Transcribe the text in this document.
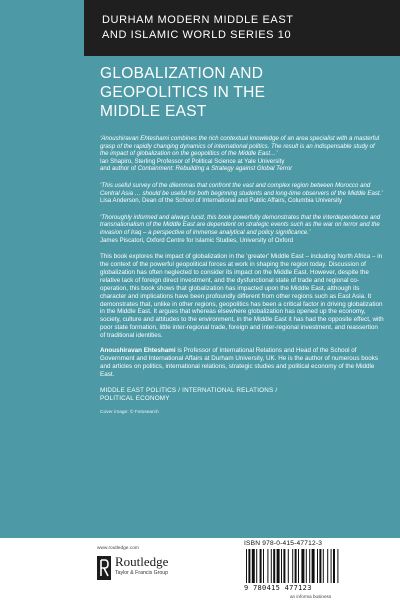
DURHAM MODERN MIDDLE EAST
AND ISLAMIC WORLD SERIES 10
GLOBALIZATION AND
GEOPOLITICS IN THE
MIDDLE EAST
‘Anoushiravan Ehteshami combines the rich contextual knowledge of an area specialist with a masterful grasp of the rapidly changing dynamics of international politics. The result is an indispensable study of the impact of globalization on the geopolitics of the Middle East…’
Ian Shapiro, Sterling Professor of Political Science at Yale University
and author of Containment: Rebuilding a Strategy against Global Terror
‘This useful survey of the dilemmas that confront the vast and complex region between Morocco and Central Asia … should be useful for both beginning students and long-time observers of the Middle East.’
Lisa Anderson, Dean of the School of International and Public Affairs, Columbia University
‘Thoroughly informed and always lucid, this book powerfully demonstrates that the interdependence and transnationalism of the Middle East are dependent on strategic events such as the war on terror and the invasion of Iraq – a perspective of immense analytical and policy significance.’
James Piscatori, Oxford Centre for Islamic Studies, University of Oxford
This book explores the impact of globalization in the ‘greater’ Middle East – including North Africa – in the context of the powerful geopolitical forces at work in shaping the region today. Discussion of globalization has often neglected to consider its impact on the Middle East. However, despite the relative lack of foreign direct investment, and the dysfunctional state of trade and regional co-operation, this book shows that globalization has impacted upon the Middle East, although its character and implications have been profoundly different from other regions such as East Asia. It demonstrates that, unlike in other regions, geopolitics has been a critical factor in driving globalization in the Middle East. It argues that whereas elsewhere globalization has opened up the economy, society, culture and attitudes to the environment, in the Middle East it has had the opposite effect, with poor state formation, little inter-regional trade, foreign and inter-regional investment, and reassertion of traditional identities.
Anoushiravan Ehteshami is Professor of International Relations and Head of the School of Government and International Affairs at Durham University, UK. He is the author of numerous books and articles on politics, international relations, strategic studies and political economy of the Middle East.
MIDDLE EAST POLITICS / INTERNATIONAL RELATIONS /
POLITICAL ECONOMY
Cover image: © Fotosearch
www.routledge.com
Routledge
Taylor & Francis Group
ISBN 978-0-415-47712-3
9 780415 477123
an informa business
